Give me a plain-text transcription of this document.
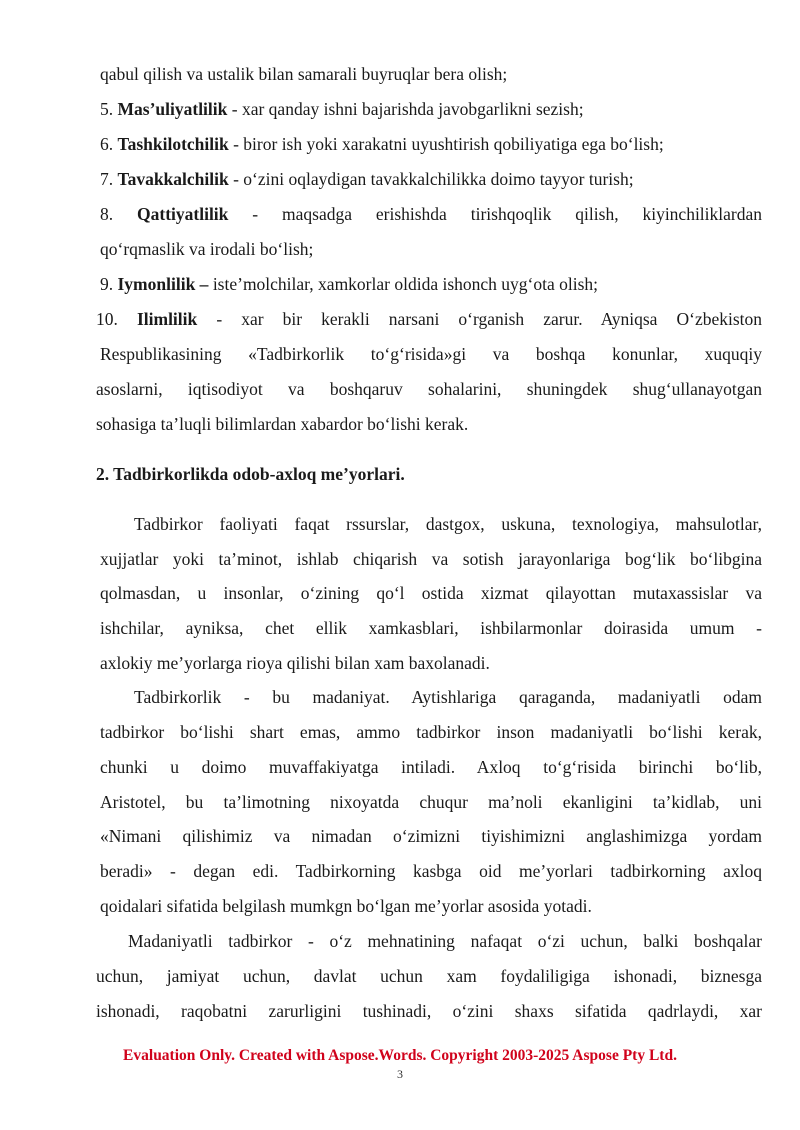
qabul qilish va ustalik bilan samarali buyruqlar bera olish;
5. Mas’uliyatlilik - xar qanday ishni bajarishda javobgarlikni sezish;
6. Tashkilotchilik - biror ish yoki xarakatni uyushtirish qobiliyatiga ega bo‘lish;
7. Tavakkalchilik - o‘zini oqlaydigan tavakkalchilikka doimo tayyor turish;
8. Qattiyatlilik - maqsadga erishishda tirishqoqlik qilish, kiyinchiliklardan
qo‘rqmaslik va irodali bo‘lish;
9. Iymonlilik – iste’molchilar, xamkorlar oldida ishonch uyg‘ota olish;
10. Ilimlilik - xar bir kerakli narsani o‘rganish zarur. Ayniqsa O‘zbekiston
Respublikasining «Tadbirkorlik to‘g‘risida»gi va boshqa konunlar, xuquqiy
asoslarni, iqtisodiyot va boshqaruv sohalarini, shuningdek shug‘ullanayotgan
sohasiga ta’luqli bilimlardan xabardor bo‘lishi kerak.
2. Tadbirkorlikda odob-axloq me’yorlari.
Tadbirkor faoliyati faqat rssurslar, dastgox, uskuna, texnologiya, mahsulotlar,
xujjatlar yoki ta’minot, ishlab chiqarish va sotish jarayonlariga bog‘lik bo‘libgina
qolmasdan, u insonlar, o‘zining qo‘l ostida xizmat qilayottan mutaxassislar va
ishchilar, ayniksa, chet ellik xamkasblari, ishbilarmonlar doirasida umum -
axlokiy me’yorlarga rioya qilishi bilan xam baxolanadi.
Tadbirkorlik - bu madaniyat. Aytishlariga qaraganda, madaniyatli odam
tadbirkor bo‘lishi shart emas, ammo tadbirkor inson madaniyatli bo‘lishi kerak,
chunki u doimo muvaffakiyatga intiladi. Axloq to‘g‘risida birinchi bo‘lib,
Aristotel, bu ta’limotning nixoyatda chuqur ma’noli ekanligini ta’kidlab, uni
«Nimani qilishimiz va nimadan o‘zimizni tiyishimizni anglashimizga yordam
beradi» - degan edi. Tadbirkorning kasbga oid me’yorlari tadbirkorning axloq
qoidalari sifatida belgilash mumkgn bo‘lgan me’yorlar asosida yotadi.
Madaniyatli tadbirkor - o‘z mehnatining nafaqat o‘zi uchun, balki boshqalar
uchun, jamiyat uchun, davlat uchun xam foydaliligiga ishonadi, biznesga
ishonadi, raqobatni zarurligini tushinadi, o‘zini shaxs sifatida qadrlaydi, xar
Evaluation Only. Created with Aspose.Words. Copyright 2003-2025 Aspose Pty Ltd.
3
